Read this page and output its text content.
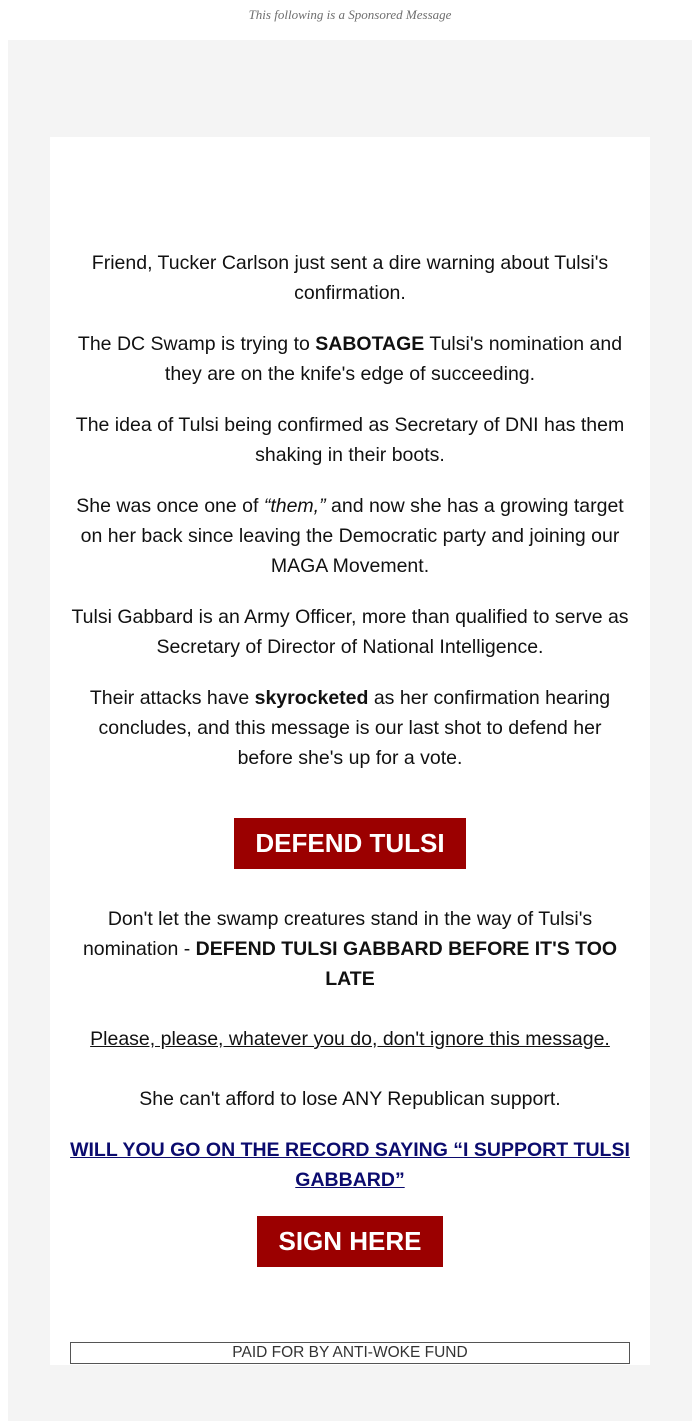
This following is a Sponsored Message

Friend, Tucker Carlson just sent a dire warning about Tulsi's confirmation.

The DC Swamp is trying to SABOTAGE Tulsi's nomination and they are on the knife's edge of succeeding.

The idea of Tulsi being confirmed as Secretary of DNI has them shaking in their boots.

She was once one of “them,” and now she has a growing target on her back since leaving the Democratic party and joining our MAGA Movement.

Tulsi Gabbard is an Army Officer, more than qualified to serve as Secretary of Director of National Intelligence.

Their attacks have skyrocketed as her confirmation hearing concludes, and this message is our last shot to defend her before she's up for a vote.

DEFEND TULSI

Don't let the swamp creatures stand in the way of Tulsi's nomination - DEFEND TULSI GABBARD BEFORE IT'S TOO LATE

Please, please, whatever you do, don't ignore this message.

She can't afford to lose ANY Republican support.

WILL YOU GO ON THE RECORD SAYING “I SUPPORT TULSI GABBARD”

SIGN HERE
PAID FOR BY ANTI-WOKE FUND
